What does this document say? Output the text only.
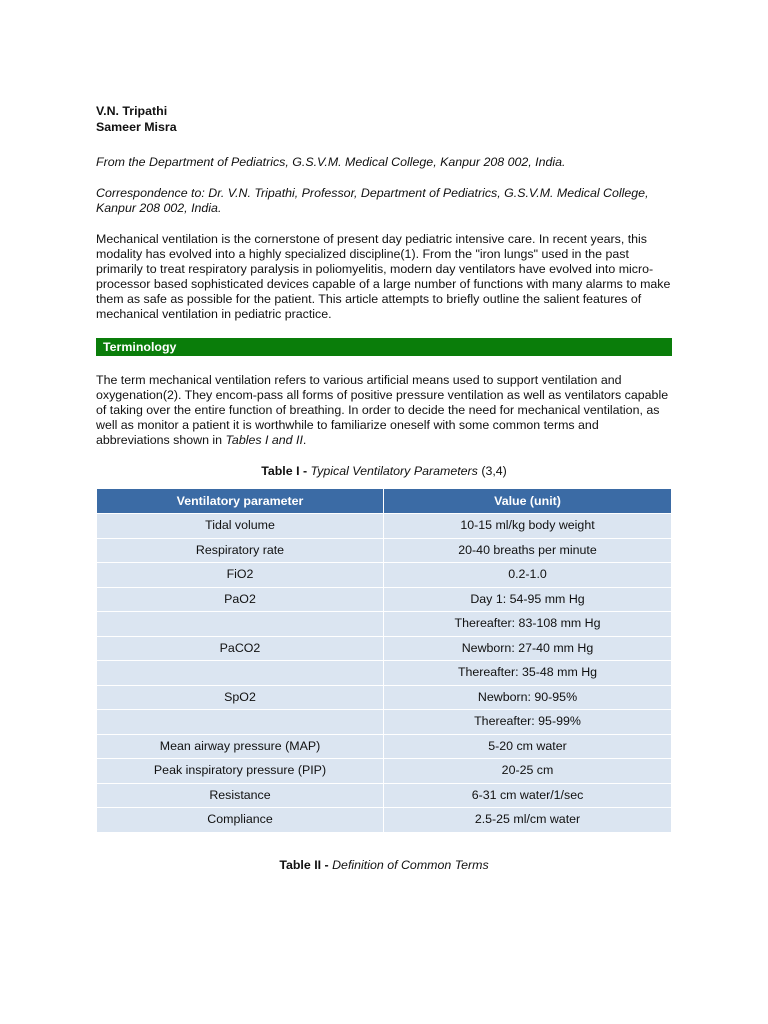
V.N. Tripathi
Sameer Misra
From the Department of Pediatrics, G.S.V.M. Medical College, Kanpur 208 002, India.
Correspondence to: Dr. V.N. Tripathi, Professor, Department of Pediatrics, G.S.V.M. Medical College, Kanpur 208 002, India.
Mechanical ventilation is the cornerstone of present day pediatric intensive care. In recent years, this modality has evolved into a highly specialized discipline(1). From the "iron lungs" used in the past primarily to treat respiratory paralysis in poliomyelitis, modern day ventilators have evolved into micro-processor based sophisticated devices capable of a large number of functions with many alarms to make them as safe as possible for the patient. This article attempts to briefly outline the salient features of mechanical ventilation in pediatric practice.
Terminology
The term mechanical ventilation refers to various artificial means used to support ventilation and oxygenation(2). They encom-pass all forms of positive pressure ventilation as well as ventilators capable of taking over the entire function of breathing. In order to decide the need for mechanical ventilation, as well as monitor a patient it is worthwhile to familiarize oneself with some common terms and abbreviations shown in Tables I and II.
Table I - Typical Ventilatory Parameters (3,4)
Ventilatory parameter	Value (unit)
Tidal volume	10-15 ml/kg body weight
Respiratory rate	20-40 breaths per minute
FiO2	0.2-1.0
PaO2	Day 1: 54-95 mm Hg
	Thereafter: 83-108 mm Hg
PaCO2	Newborn: 27-40 mm Hg
	Thereafter: 35-48 mm Hg
SpO2	Newborn: 90-95%
	Thereafter: 95-99%
Mean airway pressure (MAP)	5-20 cm water
Peak inspiratory pressure (PIP)	20-25 cm
Resistance	6-31 cm water/1/sec
Compliance	2.5-25 ml/cm water
Table II - Definition of Common Terms
